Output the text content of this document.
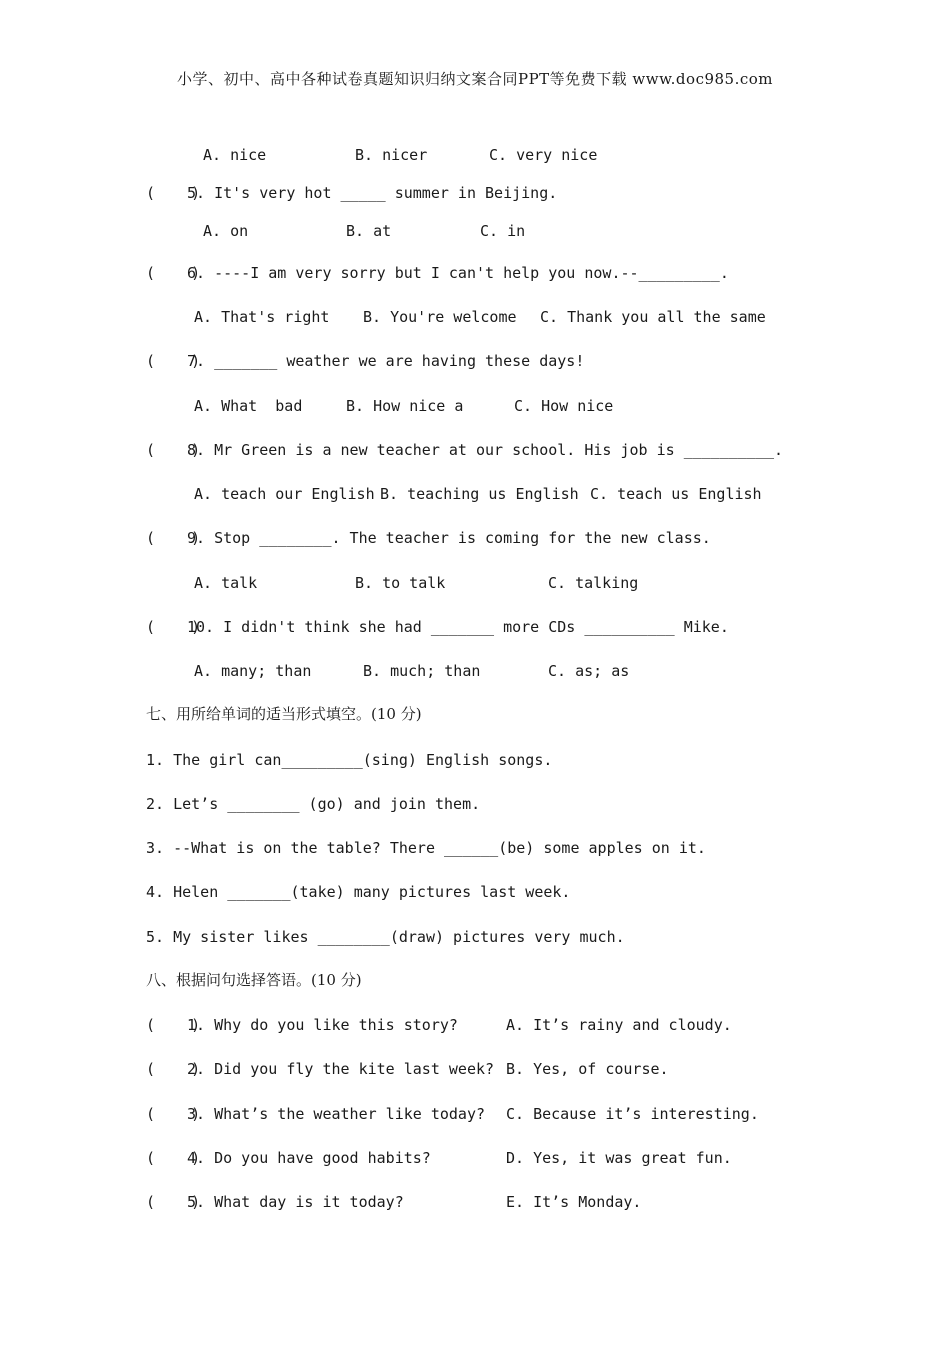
小学、初中、高中各种试卷真题知识归纳文案合同PPT等免费下载 www.doc985.com
A. nice	B. nicer	C. very nice
(    )
5. It's very hot _____ summer in Beijing.
A. on	B. at	C. in
(    )
6. ----I am very sorry but I can't help you now.--_________.
A. That's right B. You're welcome C. Thank you all the same
(    )
7. _______ weather we are having these days!
A. What  bad	B. How nice a	C. How nice
(    )
8. Mr Green is a new teacher at our school. His job is __________.
A. teach our English B. teaching us English C. teach us English
(    )
9. Stop ________. The teacher is coming for the new class.
A. talk	B. to talk	C. talking
(    )
10. I didn't think she had _______ more CDs __________ Mike.
A. many; than	B. much; than	C. as; as
七、用所给单词的适当形式填空。(10 分)
1. The girl can_________(sing) English songs.
2. Let’s ________ (go) and join them.
3. --What is on the table? There ______(be) some apples on it.
4. Helen _______(take) many pictures last week.
5. My sister likes ________(draw) pictures very much.
八、根据问句选择答语。(10 分)
(    )
1. Why do you like this story?	A. It’s rainy and cloudy.
(    )
2. Did you fly the kite last week? B. Yes, of course.
(    )
3. What’s the weather like today? C. Because it’s interesting.
(    )
4. Do you have good habits?	D. Yes, it was great fun.
(    )
5. What day is it today?	E. It’s Monday.
